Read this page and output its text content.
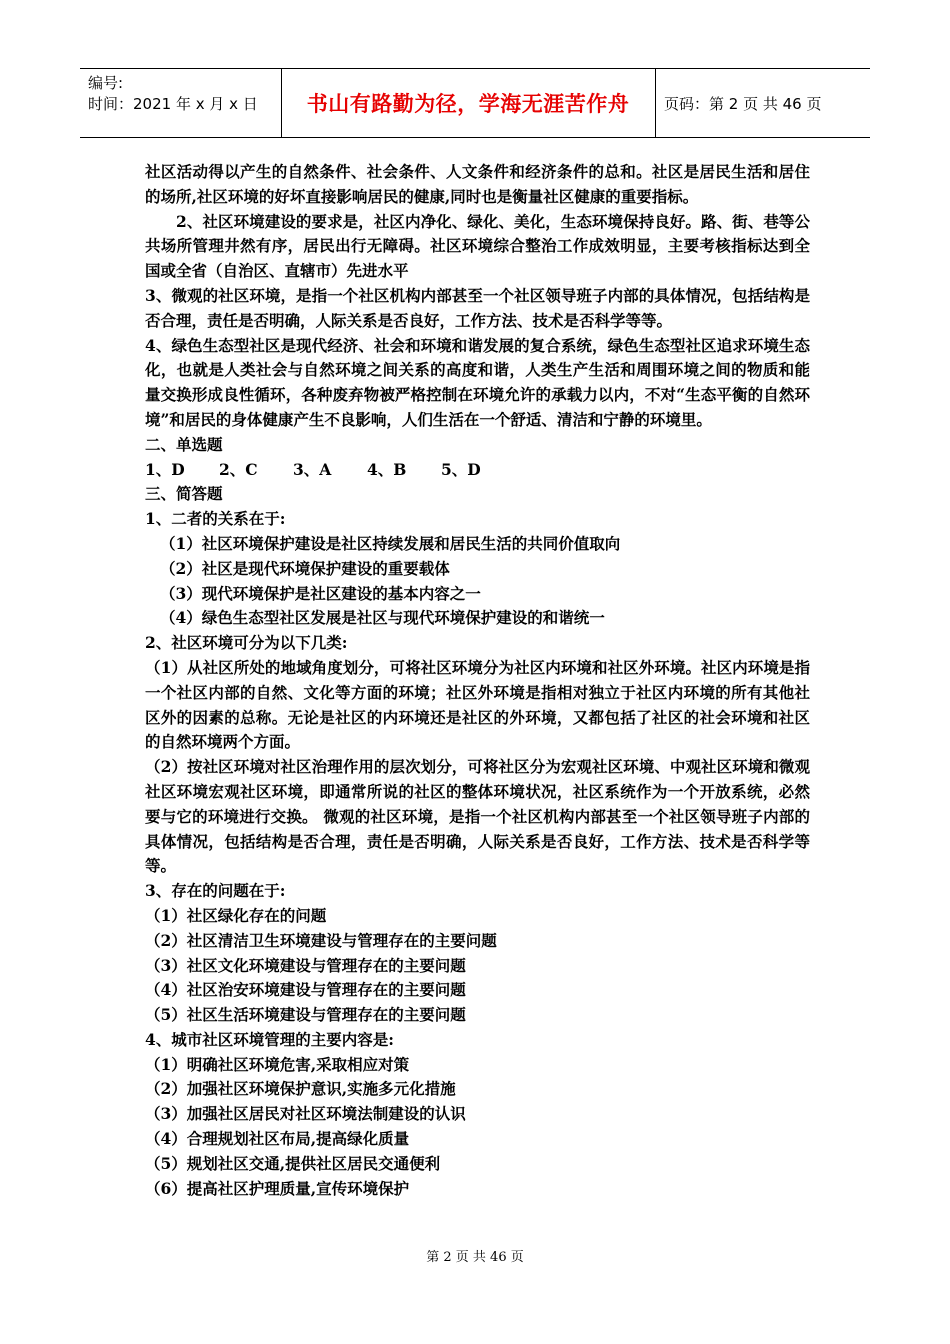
编号:
时间：2021 年 x 月 x 日	书山有路勤为径，学海无涯苦作舟	页码：第 2 页 共 46 页

社区活动得以产生的自然条件、社会条件、人文条件和经济条件的总和。社区是居民生活和居住的场所,社区环境的好坏直接影响居民的健康,同时也是衡量社区健康的重要指标。

2、社区环境建设的要求是，社区内净化、绿化、美化，生态环境保持良好。路、街、巷等公共场所管理井然有序，居民出行无障碍。社区环境综合整治工作成效明显，主要考核指标达到全国或全省（自治区、直辖市）先进水平

3、微观的社区环境，是指一个社区机构内部甚至一个社区领导班子内部的具体情况，包括结构是否合理，责任是否明确，人际关系是否良好，工作方法、技术是否科学等等。

4、绿色生态型社区是现代经济、社会和环境和谐发展的复合系统，绿色生态型社区追求环境生态化，也就是人类社会与自然环境之间关系的高度和谐，人类生产生活和周围环境之间的物质和能量交换形成良性循环，各种废弃物被严格控制在环境允许的承载力以内，不对“生态平衡的自然环境”和居民的身体健康产生不良影响，人们生活在一个舒适、清洁和宁静的环境里。

二、单选题

1、D	2、C	3、A	4、B	5、D

三、简答题

1、二者的关系在于:

（1）社区环境保护建设是社区持续发展和居民生活的共同价值取向

（2）社区是现代环境保护建设的重要载体

（3）现代环境保护是社区建设的基本内容之一

（4）绿色生态型社区发展是社区与现代环境保护建设的和谐统一

2、社区环境可分为以下几类:

（1）从社区所处的地域角度划分，可将社区环境分为社区内环境和社区外环境。社区内环境是指一个社区内部的自然、文化等方面的环境；社区外环境是指相对独立于社区内环境的所有其他社区外的因素的总称。无论是社区的内环境还是社区的外环境，又都包括了社区的社会环境和社区的自然环境两个方面。

（2）按社区环境对社区治理作用的层次划分，可将社区分为宏观社区环境、中观社区环境和微观社区环境宏观社区环境，即通常所说的社区的整体环境状况，社区系统作为一个开放系统，必然要与它的环境进行交换。 微观的社区环境，是指一个社区机构内部甚至一个社区领导班子内部的具体情况，包括结构是否合理，责任是否明确，人际关系是否良好，工作方法、技术是否科学等等。

3、存在的问题在于:

（1）社区绿化存在的问题

（2）社区清洁卫生环境建设与管理存在的主要问题

（3）社区文化环境建设与管理存在的主要问题

（4）社区治安环境建设与管理存在的主要问题

（5）社区生活环境建设与管理存在的主要问题

4、城市社区环境管理的主要内容是:

（1）明确社区环境危害,采取相应对策

（2）加强社区环境保护意识,实施多元化措施

（3）加强社区居民对社区环境法制建设的认识

（4）合理规划社区布局,提高绿化质量

（5）规划社区交通,提供社区居民交通便利

（6）提高社区护理质量,宣传环境保护

第 2 页 共 46 页
